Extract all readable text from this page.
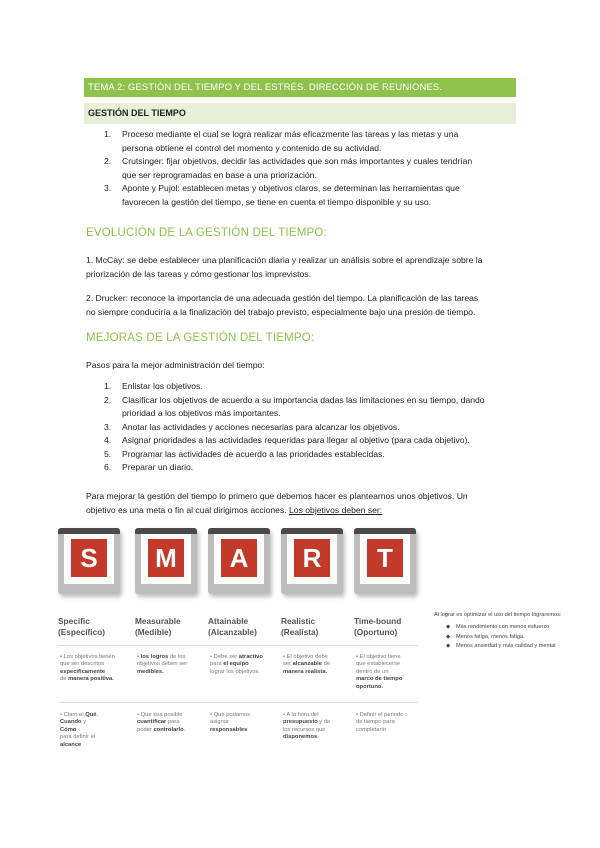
TEMA 2: GESTIÓN DEL TIEMPO Y DEL ESTRÉS. DIRECCIÓN DE REUNIONES.
GESTIÓN DEL TIEMPO
1. Proceso mediante el cual se logra realizar más eficazmente las tareas y las metas y una
persona obtiene el control del momento y contenido de su actividad.
2. Crutsinger: fijar objetivos, decidir las actividades que son más importantes y cuales tendrían
que ser reprogramadas en base a una priorización.
3. Aponte y Pujol: establecen metas y objetivos claros, se determinan las herramientas que
favorecen la gestión del tiempo, se tiene en cuenta el tiempo disponible y su uso.
EVOLUCIÓN DE LA GESTIÓN DEL TIEMPO:
1. McCay: se debe establecer una planificación diaria y realizar un análisis sobre el aprendizaje sobre la
priorización de las tareas y cómo gestionar los imprevistos.
2. Drucker: reconoce la importancia de una adecuada gestión del tiempo. La planificación de las tareas
no siempre conduciría a la finalización del trabajo previsto, especialmente bajo una presión de tiempo.
MEJORAS DE LA GESTIÓN DEL TIEMPO:
Pasos para la mejor administración del tiempo:
1. Enlistar los objetivos.
2. Clasificar los objetivos de acuerdo a su importancia dadas las limitaciones en su tiempo, dando
prioridad a los objetivos más importantes.
3. Anotar las actividades y acciones necesarias para alcanzar los objetivos.
4. Asignar prioridades a las actividades requeridas para llegar al objetivo (para cada objetivo).
5. Programar las actividades de acuerdo a las prioridades establecidas.
6. Preparar un diario.
Para mejorar la gestión del tiempo lo primero que debemos hacer es plantearnos unos objetivos. Un
objetivo es una meta o fin al cual dirigimos acciones. Los objetivos deben ser:
S
Specific
(Específico)
• Los objetivos tienen
que ser descritos
específicamente
de manera positiva.
• Claro el Qué,
Cuando y
Cómo
para definir el
alcance
M
Measurable
(Medible)
• los logros de los
objetivos deben ser
medibles.
• Que sea posible
cuantificar para
poder controlarlo.
A
Attainable
(Alcanzable)
• Debe ser atractivo
para el equipo
lograr los objetivos.
• Que podamos
asignar
responsables
R
Realistic
(Realista)
• El objetivo debe
ser alcanzable de
manera realista.
• A la hora del
presupuesto y de
los recursos que
disponemos.
T
Time-bound
(Oportuno)
• El objetivo tiene
que establecerse
dentro de un
marco de tiempo
oportuno.
• Definir el periodo
de tiempo para
completarlo
Al lograr es optimizar el uso del tiempo lograremos:
◆ Más rendimiento con menos esfuerzo
◆ Menos fatiga, menos fatiga.
◆ Menos ansiedad y más calidad y mental
